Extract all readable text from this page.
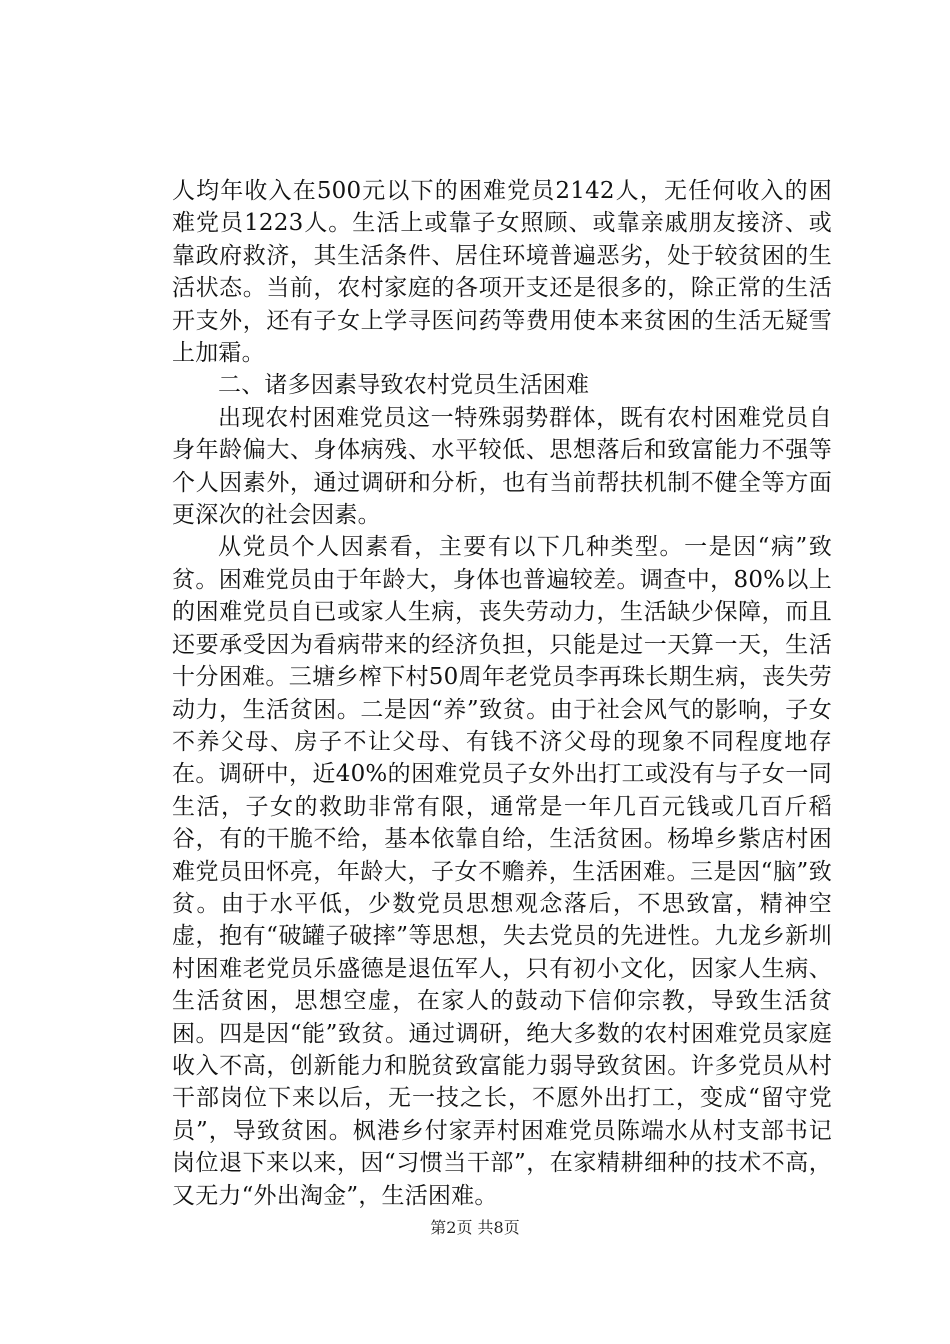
人均年收入在500元以下的困难党员2142人，无任何收入的困难党员1223人。生活上或靠子女照顾、或靠亲戚朋友接济、或靠政府救济，其生活条件、居住环境普遍恶劣，处于较贫困的生活状态。当前，农村家庭的各项开支还是很多的，除正常的生活开支外，还有子女上学寻医问药等费用使本来贫困的生活无疑雪上加霜。

二、诸多因素导致农村党员生活困难

出现农村困难党员这一特殊弱势群体，既有农村困难党员自身年龄偏大、身体病残、水平较低、思想落后和致富能力不强等个人因素外，通过调研和分析，也有当前帮扶机制不健全等方面更深次的社会因素。

从党员个人因素看，主要有以下几种类型。一是因“病”致贫。困难党员由于年龄大，身体也普遍较差。调查中，80%以上的困难党员自已或家人生病，丧失劳动力，生活缺少保障，而且还要承受因为看病带来的经济负担，只能是过一天算一天，生活十分困难。三塘乡榨下村50周年老党员李再珠长期生病，丧失劳动力，生活贫困。二是因“养”致贫。由于社会风气的影响，子女不养父母、房子不让父母、有钱不济父母的现象不同程度地存在。调研中，近40%的困难党员子女外出打工或没有与子女一同生活，子女的救助非常有限，通常是一年几百元钱或几百斤稻谷，有的干脆不给，基本依靠自给，生活贫困。杨埠乡紫店村困难党员田怀亮，年龄大，子女不赡养，生活困难。三是因“脑”致贫。由于水平低，少数党员思想观念落后，不思致富，精神空虚，抱有“破罐子破摔”等思想，失去党员的先进性。九龙乡新圳村困难老党员乐盛德是退伍军人，只有初小文化，因家人生病、生活贫困，思想空虚，在家人的鼓动下信仰宗教，导致生活贫困。四是因“能”致贫。通过调研，绝大多数的农村困难党员家庭收入不高，创新能力和脱贫致富能力弱导致贫困。许多党员从村干部岗位下来以后，无一技之长，不愿外出打工，变成“留守党员”，导致贫困。枫港乡付家弄村困难党员陈端水从村支部书记岗位退下来以来，因“习惯当干部”，在家精耕细种的技术不高，又无力“外出淘金”，生活困难。

第2页 共8页
